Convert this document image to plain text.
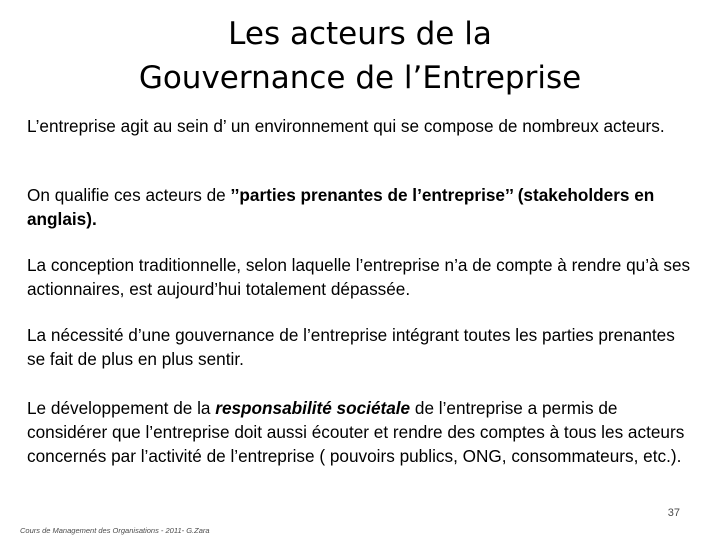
Les acteurs de la
Gouvernance de l’Entreprise

L’entreprise agit au sein d’ un environnement qui se compose de nombreux acteurs.

On qualifie ces acteurs de ’’parties prenantes de l’entreprise’’ (stakeholders en anglais).

La conception traditionnelle, selon laquelle l’entreprise n’a de compte à rendre qu’à ses actionnaires, est aujourd’hui totalement dépassée.

La nécessité d’une gouvernance de l’entreprise intégrant toutes les parties prenantes se fait de plus en plus sentir.

Le développement de la responsabilité sociétale de l’entreprise a permis de considérer que l’entreprise doit aussi écouter et rendre des comptes à tous les acteurs concernés par l’activité de l’entreprise ( pouvoirs publics, ONG, consommateurs, etc.).

37
Cours de Management des Organisations - 2011- G.Zara
